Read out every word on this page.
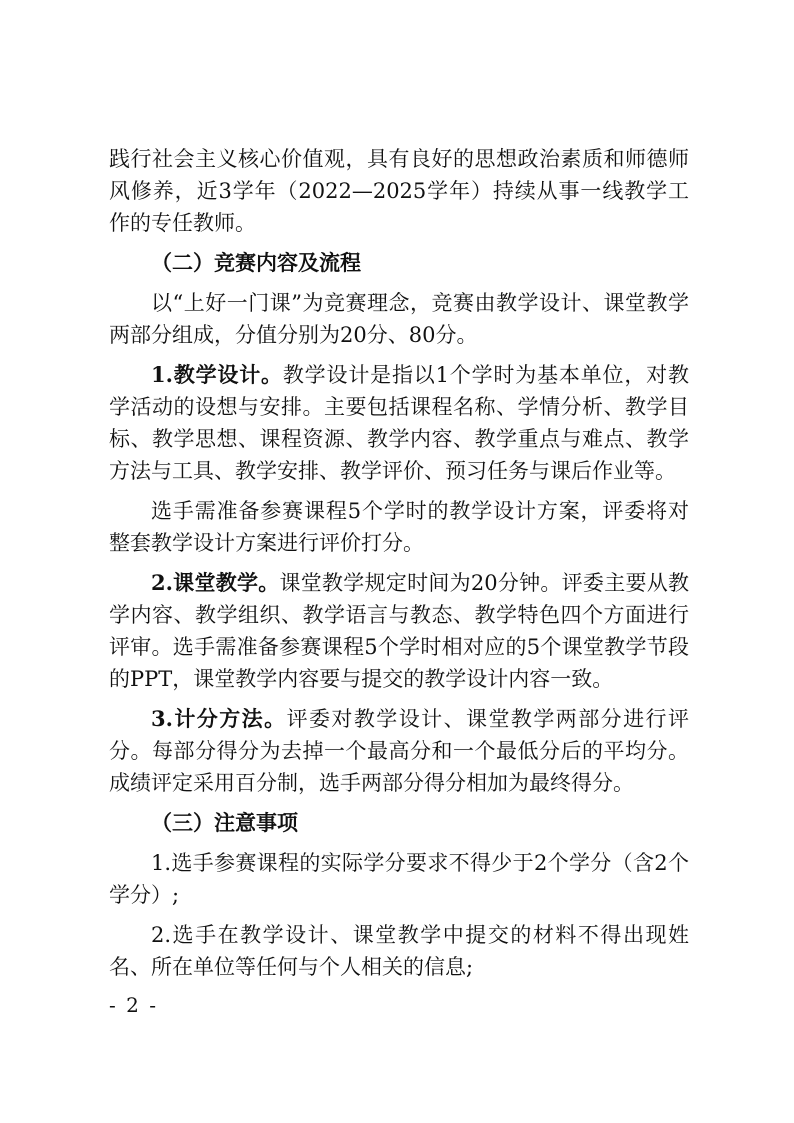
践行社会主义核心价值观，具有良好的思想政治素质和师德师风修养，近3学年（2022—2025学年）持续从事一线教学工作的专任教师。

（二）竞赛内容及流程

以“上好一门课”为竞赛理念，竞赛由教学设计、课堂教学两部分组成，分值分别为20分、80分。

1.教学设计。教学设计是指以1个学时为基本单位，对教学活动的设想与安排。主要包括课程名称、学情分析、教学目标、教学思想、课程资源、教学内容、教学重点与难点、教学方法与工具、教学安排、教学评价、预习任务与课后作业等。

选手需准备参赛课程5个学时的教学设计方案，评委将对整套教学设计方案进行评价打分。

2.课堂教学。课堂教学规定时间为20分钟。评委主要从教学内容、教学组织、教学语言与教态、教学特色四个方面进行评审。选手需准备参赛课程5个学时相对应的5个课堂教学节段的PPT，课堂教学内容要与提交的教学设计内容一致。

3.计分方法。评委对教学设计、课堂教学两部分进行评分。每部分得分为去掉一个最高分和一个最低分后的平均分。成绩评定采用百分制，选手两部分得分相加为最终得分。

（三）注意事项

1.选手参赛课程的实际学分要求不得少于2个学分（含2个学分）;

2.选手在教学设计、课堂教学中提交的材料不得出现姓名、所在单位等任何与个人相关的信息;

- 2 -
